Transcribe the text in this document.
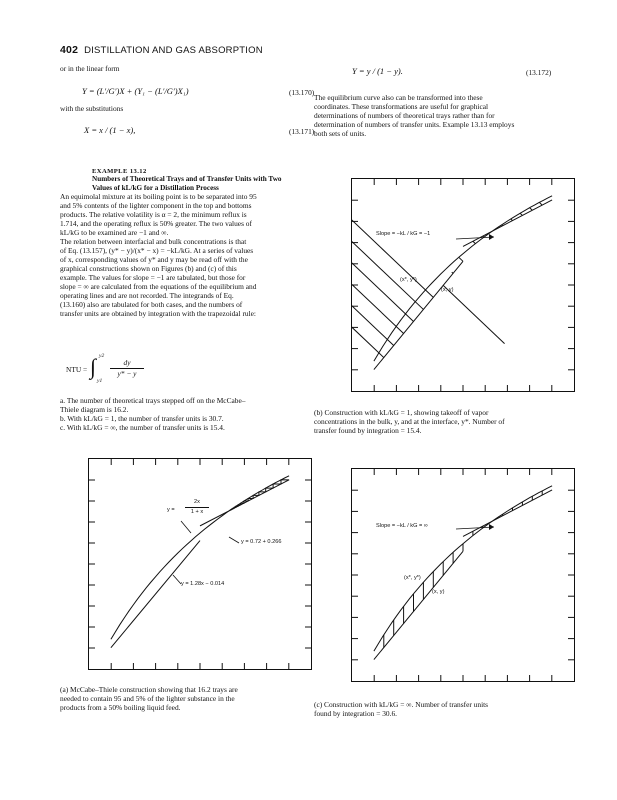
402 DISTILLATION AND GAS ABSORPTION
or in the linear form
Y = (L′/G′)X + (Y₁ − (L′/G′)X₁)	(13.170)
with the substitutions
X = x / (1 − x),	(13.171)
Y = y / (1 − y).	(13.172)
The equilibrium curve also can be transformed into these
coordinates. These transformations are useful for graphical
determinations of numbers of theoretical trays rather than for
determination of numbers of transfer units. Example 13.13 employs
both sets of units.
EXAMPLE 13.12
Numbers of Theoretical Trays and of Transfer Units with Two
Values of kL/kG for a Distillation Process
An equimolal mixture at its boiling point is to be separated into 95
and 5% contents of the lighter component in the top and bottoms
products. The relative volatility is α = 2, the minimum reflux is
1.714, and the operating reflux is 50% greater. The two values of
kL/kG to be examined are −1 and ∞.
The relation between interfacial and bulk concentrations is that
of Eq. (13.157), (y* − y)/(x* − x) = −kL/kG. At a series of values
of x, corresponding values of y* and y may be read off with the
graphical constructions shown on Figures (b) and (c) of this
example. The values for slope = −1 are tabulated, but those for
slope = ∞ are calculated from the equations of the equilibrium and
operating lines and are not recorded. The integrands of Eq.
(13.160) also are tabulated for both cases, and the numbers of
transfer units are obtained by integration with the trapezoidal rule:
NTU = ∫ y2
y1
dy
y* − y
a. The number of theoretical trays stepped off on the McCabe–
Thiele diagram is 16.2.
b. With kL/kG = 1, the number of transfer units is 30.7.
c. With kL/kG = ∞, the number of transfer units is 15.4.
Slope = −kL / kG = −1
(x*, y*)
(x, y)
(b) Construction with kL/kG = 1, showing takeoff of vapor
concentrations in the bulk, y, and at the interface, y*. Number of
transfer found by integration = 15.4.
y =
2x
1 + x
y = 0.72 + 0.266
y = 1.28x − 0.014
(a) McCabe–Thiele construction showing that 16.2 trays are
needed to contain 95 and 5% of the lighter substance in the
products from a 50% boiling liquid feed.
Slope = −kL / kG = ∞
(x*, y*)
(x, y)
(c) Construction with kL/kG = ∞. Number of transfer units
found by integration = 30.6.
